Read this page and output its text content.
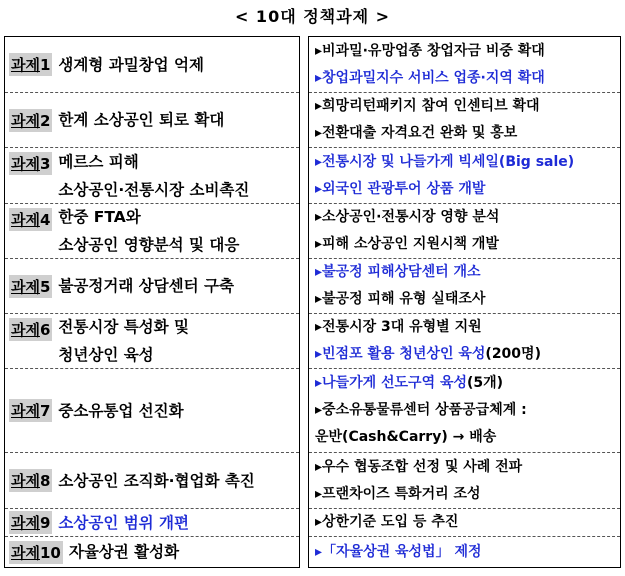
< 10대 정책과제 >
과제1 생계형 과밀창업 억제
과제2 한계 소상공인 퇴로 확대
과제3 메르스 피해
소상공인·전통시장 소비촉진
과제4 한중 FTA와
소상공인 영향분석 및 대응
과제5 불공정거래 상담센터 구축
과제6 전통시장 특성화 및
청년상인 육성
과제7 중소유통업 선진화
과제8 소상공인 조직화·협업화 촉진
과제9 소상공인 범위 개편
과제10 자율상권 활성화
▸비과밀·유망업종 창업자금 비중 확대
▸창업과밀지수 서비스 업종·지역 확대
▸희망리턴패키지 참여 인센티브 확대
▸전환대출 자격요건 완화 및 홍보
▸전통시장 및 나들가게 빅세일(Big sale)
▸외국인 관광투어 상품 개발
▸소상공인·전통시장 영향 분석
▸피해 소상공인 지원시책 개발
▸불공정 피해상담센터 개소
▸불공정 피해 유형 실태조사
▸전통시장 3대 유형별 지원
▸빈점포 활용 청년상인 육성(200명)
▸나들가게 선도구역 육성(5개)
▸중소유통물류센터 상품공급체계 :
운반(Cash&Carry) → 배송
▸우수 협동조합 선정 및 사례 전파
▸프랜차이즈 특화거리 조성
▸상한기준 도입 등 추진
▸「자율상권 육성법」 제정
